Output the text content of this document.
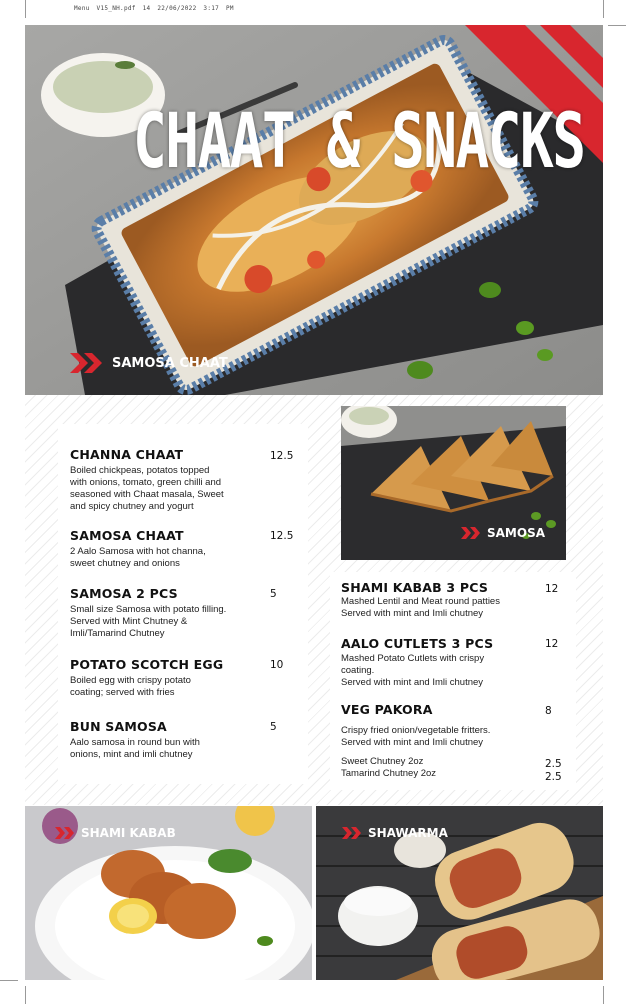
Menu V15_NH.pdf 14 22/06/2022 3:17 PM
CHAAT & SNACKS
SAMOSA CHAAT
SAMOSA
CHANNA CHAAT
Boiled chickpeas, potatos topped
with onions, tomato, green chilli and
seasoned with Chaat masala, Sweet
and spicy chutney and yogurt
12.5
SAMOSA CHAAT
2 Aalo Samosa with hot channa,
sweet chutney and onions
12.5
SAMOSA 2 PCS
Small size Samosa with potato filling.
Served with Mint Chutney &
Imli/Tamarind Chutney
5
POTATO SCOTCH EGG
Boiled egg with crispy potato
coating; served with fries
10
BUN SAMOSA
Aalo samosa in round bun with
onions, mint and imli chutney
5
SHAMI KABAB 3 PCS
Mashed Lentil and Meat round patties
Served with mint and Imli chutney
12
AALO CUTLETS 3 PCS
Mashed Potato Cutlets with crispy
coating.
Served with mint and Imli chutney
12
VEG PAKORA
Crispy fried onion/vegetable fritters.
Served with mint and Imli chutney
8
Sweet Chutney 2oz	2.5
Tamarind Chutney 2oz	2.5
SHAMI KABAB	SHAWARMA
